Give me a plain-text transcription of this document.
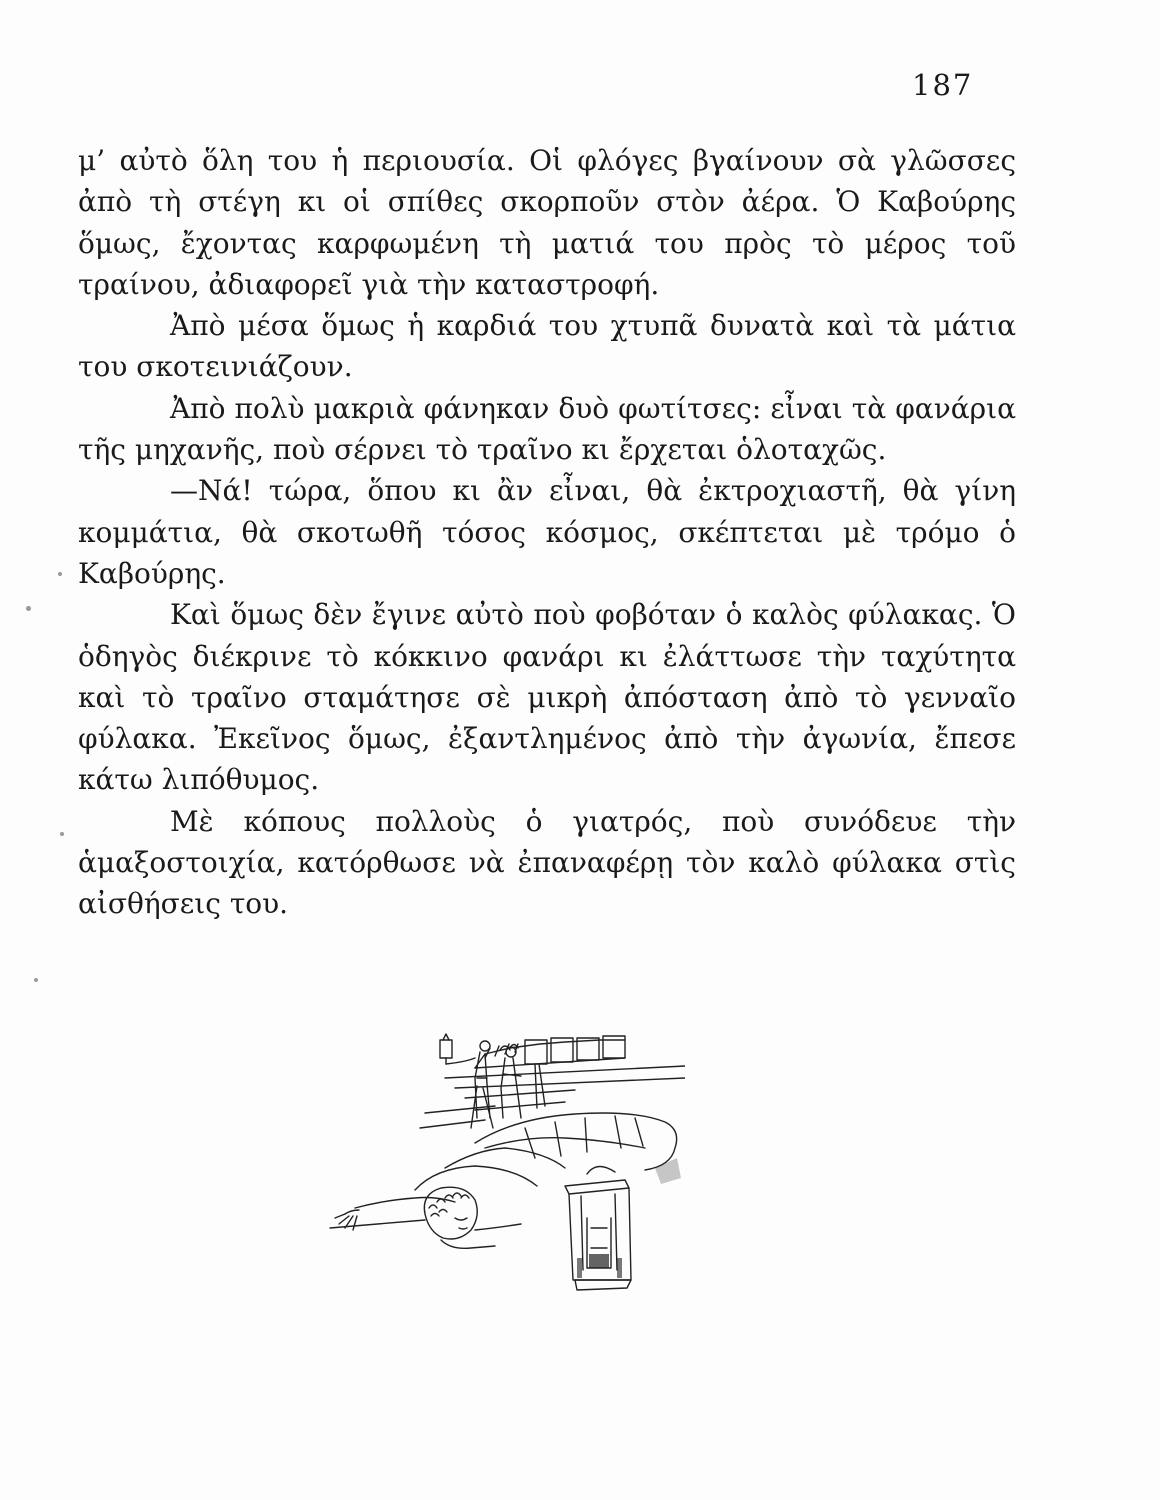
187

μ’ αὐτὸ ὅλη του ἡ περιουσία. Οἱ φλόγες βγαίνουν σὰ γλῶσσες ἀπὸ τὴ στέγη κι οἱ σπίθες σκορποῦν στὸν ἀέρα. Ὁ Καβούρης ὅμως, ἔχοντας καρφωμένη τὴ ματιά του πρὸς τὸ μέρος τοῦ τραίνου, ἀδιαφορεῖ γιὰ τὴν καταστροφή.

Ἀπὸ μέσα ὅμως ἡ καρδιά του χτυπᾶ δυνατὰ καὶ τὰ μάτια του σκοτεινιάζουν.

Ἀπὸ πολὺ μακριὰ φάνηκαν δυὸ φωτίτσες: εἶναι τὰ φανάρια τῆς μηχανῆς, ποὺ σέρνει τὸ τραῖνο κι ἔρχεται ὁλοταχῶς.

—Νά! τώρα, ὅπου κι ἂν εἶναι, θὰ ἐκτροχιαστῆ, θὰ γίνη κομμάτια, θὰ σκοτωθῆ τόσος κόσμος, σκέπτεται μὲ τρόμο ὁ Καβούρης.

Καὶ ὅμως δὲν ἔγινε αὐτὸ ποὺ φοβόταν ὁ καλὸς φύλακας. Ὁ ὁδηγὸς διέκρινε τὸ κόκκινο φανάρι κι ἐλάττωσε τὴν ταχύτητα καὶ τὸ τραῖνο σταμάτησε σὲ μικρὴ ἀπόσταση ἀπὸ τὸ γενναῖο φύλακα. Ἐκεῖνος ὅμως, ἐξαντλημένος ἀπὸ τὴν ἀγωνία, ἔπεσε κάτω λιπόθυμος.

Μὲ κόπους πολλοὺς ὁ γιατρός, ποὺ συνόδευε τὴν ἁμαξοστοιχία, κατόρθωσε νὰ ἐπαναφέρῃ τὸν καλὸ φύλακα στὶς αἰσθήσεις του.
